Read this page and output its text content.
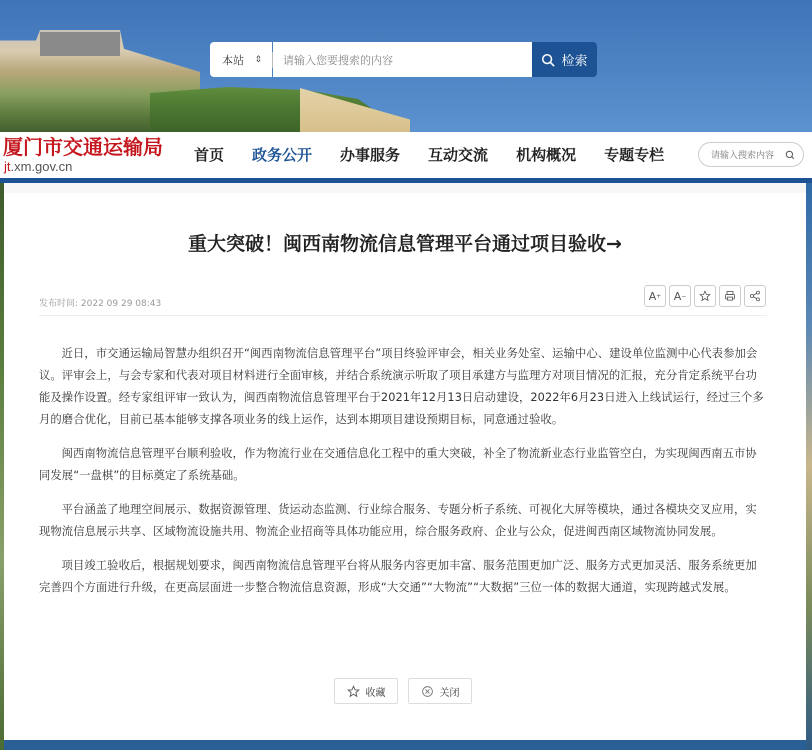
本站 ⇕ 请输入您要搜索的内容	检索
厦门市交通运输局
jt.xm.gov.cn
首页 政务公开 办事服务 互动交流 机构概况 专题专栏	请输入搜索内容
重大突破！闽西南物流信息管理平台通过项目验收→
发布时间: 2022 09 29 08:43
A + A −

近日，市交通运输局智慧办组织召开“闽西南物流信息管理平台”项目终验评审会，相关业务处室、运输中心、建设单位监测中心代表参加会议。评审会上，与会专家和代表对项目材料进行全面审核，并结合系统演示听取了项目承建方与监理方对项目情况的汇报，充分肯定系统平台功能及操作设置。经专家组评审一致认为，闽西南物流信息管理平台于2021年12月13日启动建设，2022年6月23日进入上线试运行，经过三个多月的磨合优化，目前已基本能够支撑各项业务的线上运作，达到本期项目建设预期目标，同意通过验收。

闽西南物流信息管理平台顺利验收，作为物流行业在交通信息化工程中的重大突破，补全了物流新业态行业监管空白，为实现闽西南五市协同发展“一盘棋”的目标奠定了系统基础。

平台涵盖了地理空间展示、数据资源管理、货运动态监测、行业综合服务、专题分析子系统、可视化大屏等模块，通过各模块交叉应用，实现物流信息展示共享、区域物流设施共用、物流企业招商等具体功能应用，综合服务政府、企业与公众，促进闽西南区域物流协同发展。

项目竣工验收后，根据规划要求，闽西南物流信息管理平台将从服务内容更加丰富、服务范围更加广泛、服务方式更加灵活、服务系统更加完善四个方面进行升级，在更高层面进一步整合物流信息资源，形成“大交通”“大物流”“大数据”三位一体的数据大通道，实现跨越式发展。

收藏	关闭
